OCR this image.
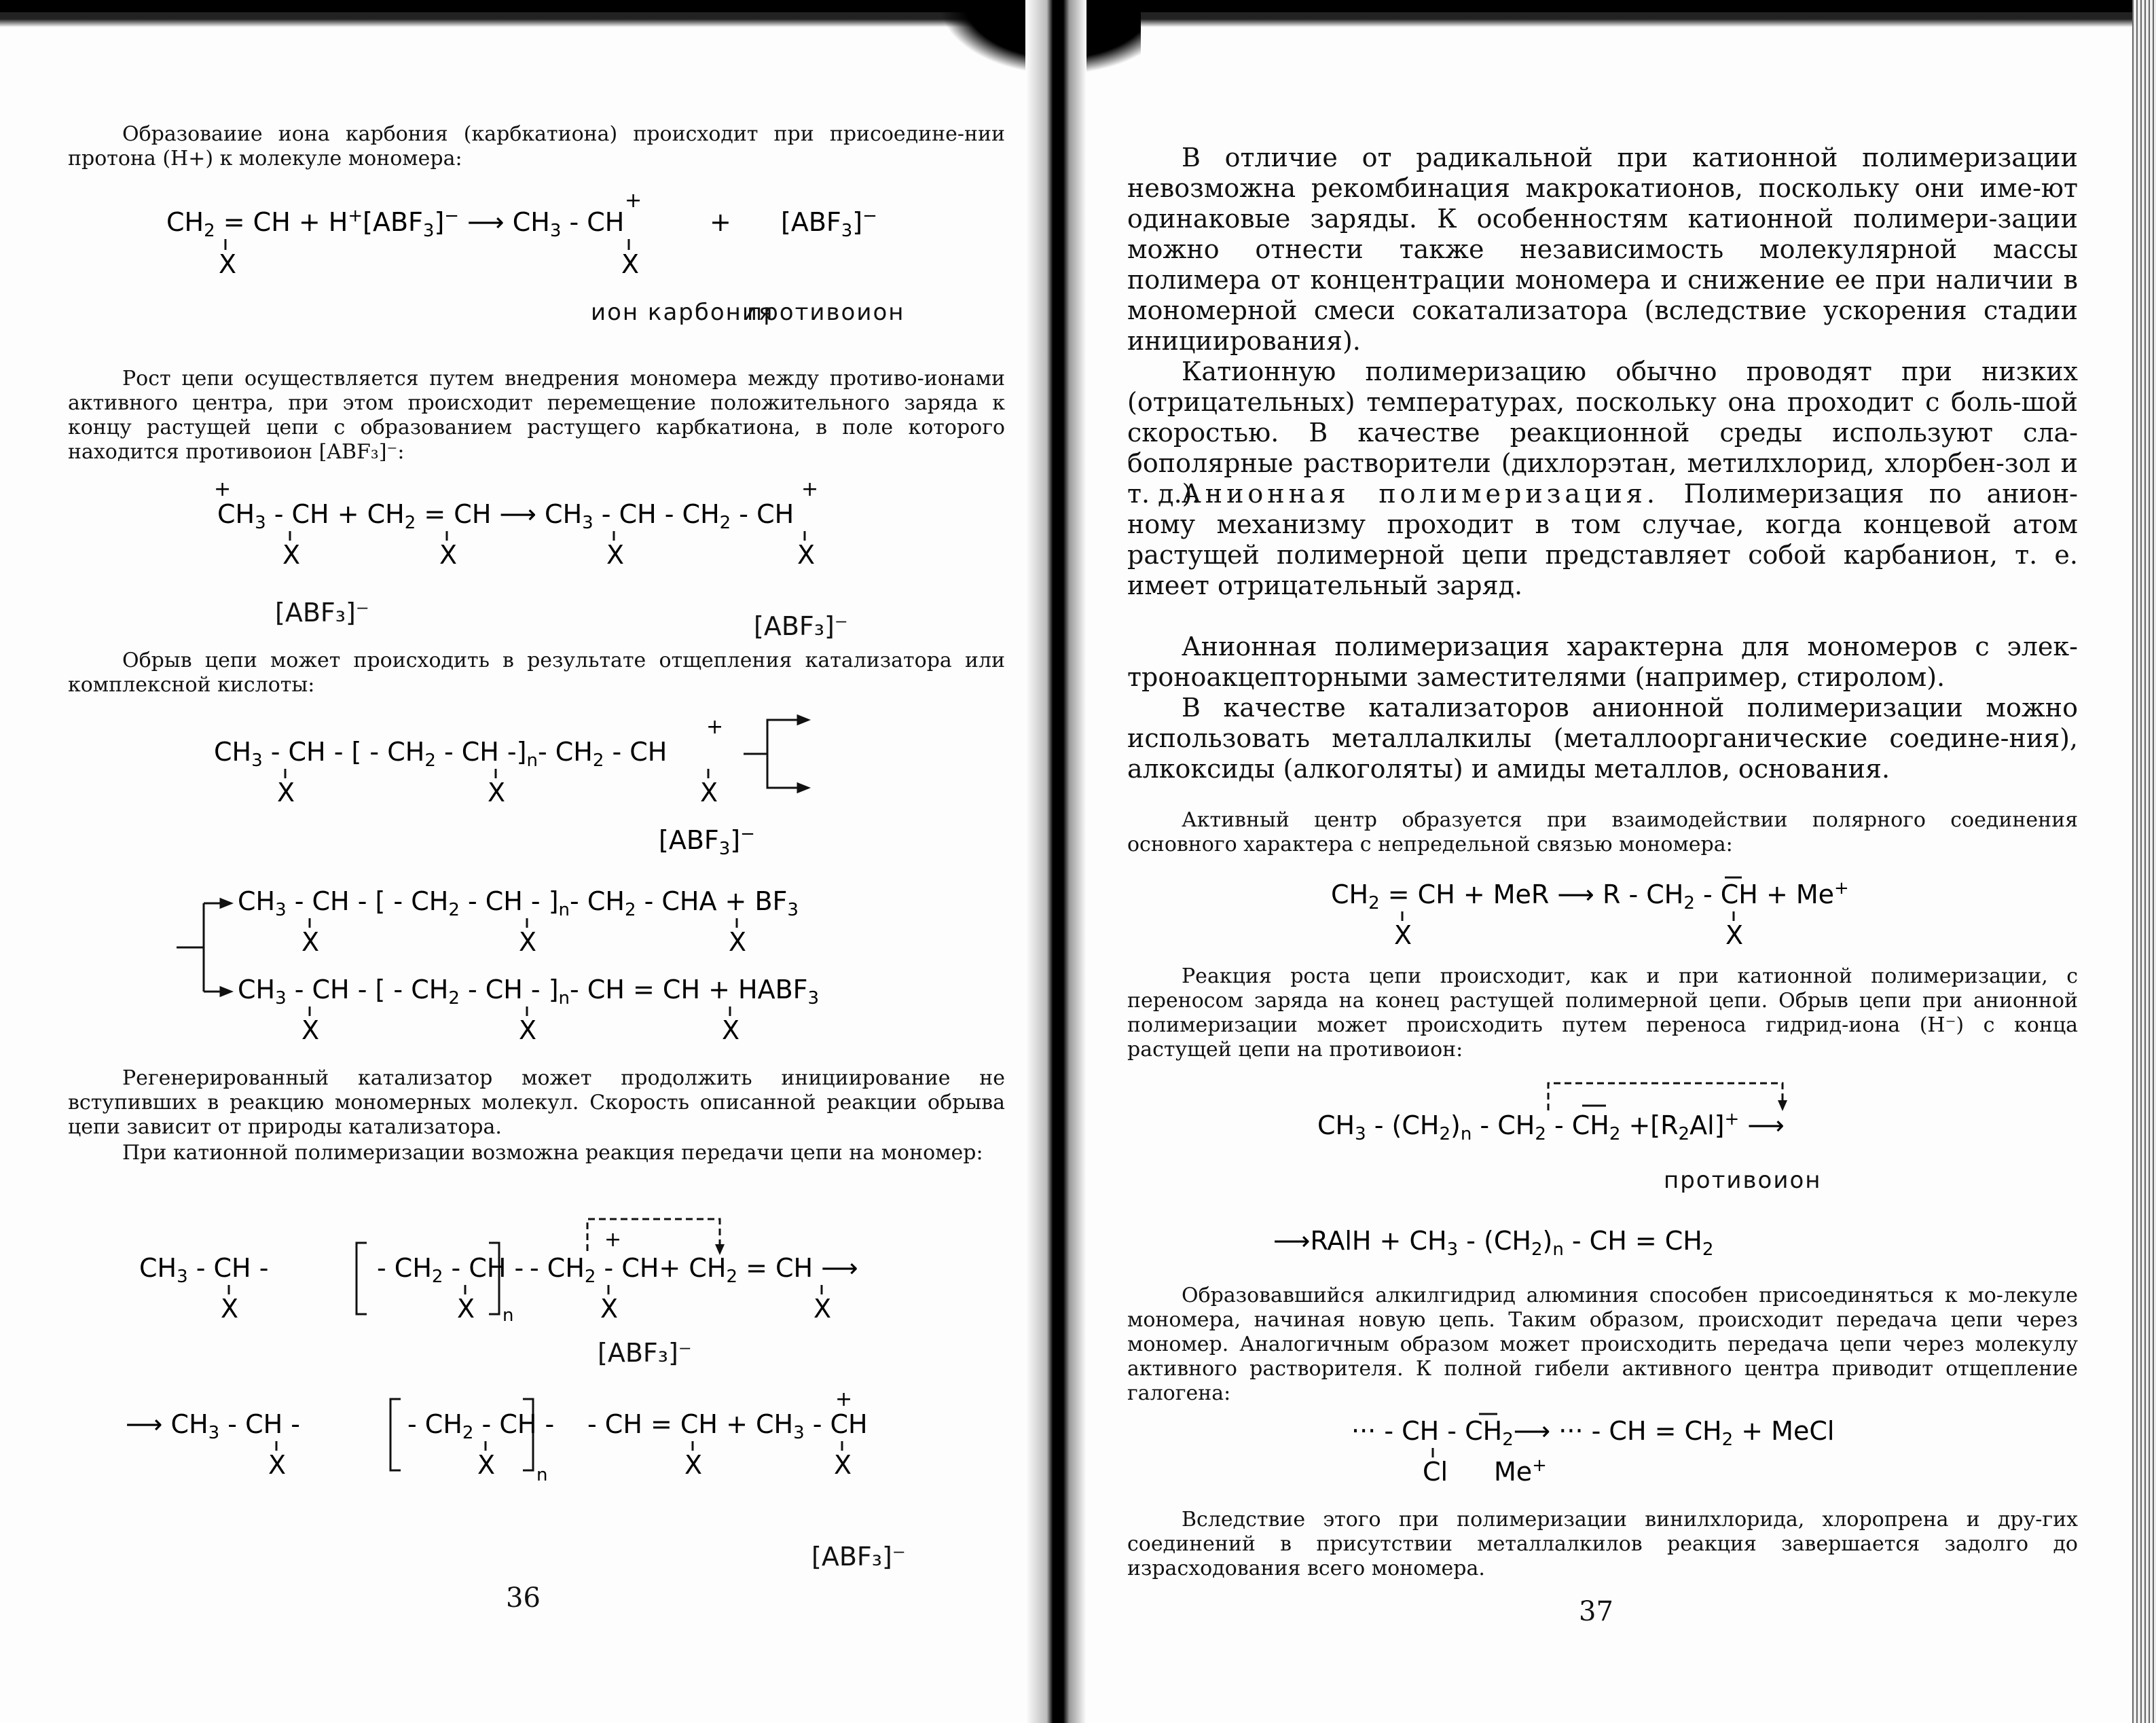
Образоваиие иона карбония (карбкатиона) происходит при присоедине-нии протона (H+) к молекуле мономера:

$CH_2$ = CH + $H^+[ABF_3]^-$ ⟶ $CH_3$ - CH	$[ABF_3]^-$
+
+
X	X
ион карбония
противоион

Рост цепи осуществляется путем внедрения мономера между противо-ионами активного центра, при этом происходит перемещение положительного заряда к концу растущей цепи с образованием растущего карбкатиона, в поле которого находится противоион [ABF₃]⁻:

+	+
$CH_3$ - CH + $CH_2$ = CH ⟶ $CH_3$ - CH - $CH_2$ - CH
X	X	X	X
[ABF₃]⁻	[ABF₃]⁻

Обрыв цепи может происходить в результате отщепления катализатора или комплексной кислоты:

+
$CH_3$ - CH - [ - $CH_2$ - CH $-]_n-$ $CH_2$ - CH
X	X	X
$[ABF_3]^-$
$CH_3$ - CH - [ - $CH_2$ - CH - ]$_n-$ $CH_2$ - CHA + $BF_3$
X	X	X
$CH_3$ - CH - [ - $CH_2$ - CH - ]$_n-$ CH = CH + $HABF_3$
X	X	X

Регенерированный катализатор может продолжить инициирование не вступивших в реакцию мономерных молекул. Скорость описанной реакции обрыва цепи зависит от природы катализатора.

При катионной полимеризации возможна реакция передачи цепи на мономер:

+
$CH_3$ - CH -	- $CH_2$ - CH -
n
- $CH_2 - CH+ CH_2$ = CH ⟶
X	X	X	X
+
⟶ $CH_3$ - CH -	- $CH_2$ - CH -
n
- CH = CH + $CH_3$ - CH
X	X	X	X
[ABF₃]⁻
[ABF₃]⁻
36

В отличие от радикальной при катионной полимеризации невозможна рекомбинация макрокатионов, поскольку они име-ют одинаковые заряды. К особенностям катионной полимери-зации можно отнести также независимость молекулярной массы полимера от концентрации мономера и снижение ее при наличии в мономерной смеси сокатализатора (вследствие ускорения стадии инициирования).

Катионную полимеризацию обычно проводят при низких (отрицательных) температурах, поскольку она проходит с боль-шой скоростью. В качестве реакционной среды используют сла-бополярные растворители (дихлорэтан, метилхлорид, хлорбен-зол и т. д.).

Анионная полимеризация. Полимеризация по анион-ному механизму проходит в том случае, когда концевой атом растущей полимерной цепи представляет собой карбанион, т. е. имеет отрицательный заряд.

Анионная полимеризация характерна для мономеров с элек-троноакцепторными заместителями (например, стиролом).

В качестве катализаторов анионной полимеризации можно использовать металлалкилы (металлоорганические соедине-ния), алкоксиды (алкоголяты) и амиды металлов, основания.

Активный центр образуется при взаимодействии полярного соединения основного характера с непредельной связью мономера:

$CH_2$ = CH + MeR ⟶ R - $CH_2$ - CH + Me+
X	X

Реакция роста цепи происходит, как и при катионной полимеризации, с переносом заряда на конец растущей полимерной цепи. Обрыв цепи при анионной полимеризации может происходить путем переноса гидрид-иона (H⁻) с конца растущей цепи на противоион:

$CH_3 - (CH_2)_n - CH_2 - CH_2 +[R_2Al]^+$ ⟶
⟶RAlH + $CH_3 - (CH_2)_n$ - CH = $CH_2$
противоион

Образовавшийся алкилгидрид алюминия способен присоединяться к мо-лекуле мономера, начиная новую цепь. Таким образом, происходит передача цепи через мономер. Аналогичным образом может происходить передача цепи через молекулу активного растворителя. К полной гибели активного центра приводит отщепление галогена:

··· - CH - $CH_2⟶$ ··· - CH = $CH_2$ + MeCl
Cl Me+

Вследствие этого при полимеризации винилхлорида, хлоропрена и дру-гих соединений в присутствии металлалкилов реакция завершается задолго до израсходования всего мономера.

37
